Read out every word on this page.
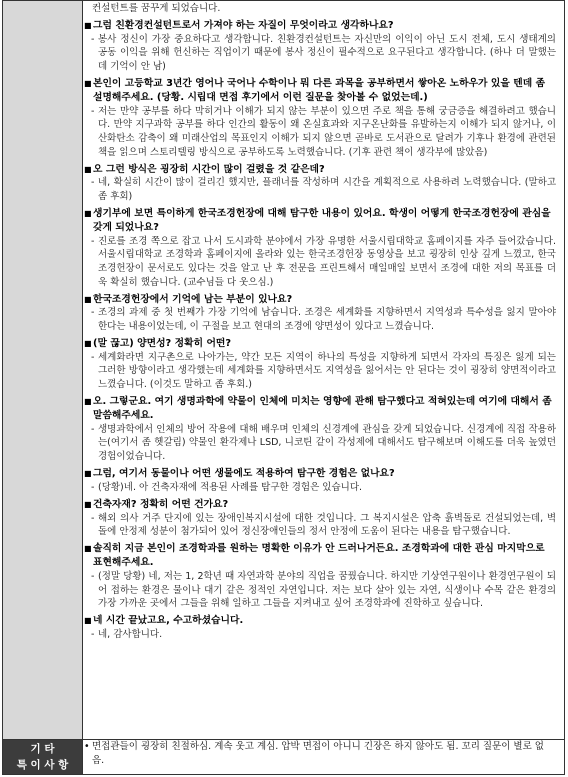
기 타
특 이 사 항
컨설턴트를 꿈꾸게 되었습니다.
■ 그럼 친환경컨설턴트로서 가져야 하는 자질이 무엇이라고 생각하나요?
- 봉사 정신이 가장 중요하다고 생각합니다. 친환경컨설턴트는 자신만의 이익이 아닌 도시 전체, 도시 생태계의 공동 이익을 위해 헌신하는 직업이기 때문에 봉사 정신이 필수적으로 요구된다고 생각합니다. (하나 더 말했는데 기억이 안 남)
■ 본인이 고등학교 3년간 영어나 국어나 수학이나 뭐 다른 과목을 공부하면서 쌓아온 노하우가 있을 텐데 좀 설명해주세요. (당황. 시립대 면접 후기에서 이런 질문을 찾아볼 수 없었는데.)
- 저는 만약 공부를 하다 막히거나 이해가 되지 않는 부분이 있으면 주로 책을 통해 궁금증을 해결하려고 했습니다. 만약 지구과학 공부를 하다 인간의 활동이 왜 온실효과와 지구온난화를 유발하는지 이해가 되지 않거나, 이산화탄소 감축이 왜 미래산업의 목표인지 이해가 되지 않으면 곧바로 도서관으로 달려가 기후나 환경에 관련된 책을 읽으며 스토리텔링 방식으로 공부하도록 노력했습니다. (기후 관련 책이 생각부에 많았음)
■ 오 그런 방식은 굉장히 시간이 많이 걸렸을 것 같은데?
- 네, 확실히 시간이 많이 걸리긴 했지만, 플래너를 작성하며 시간을 계획적으로 사용하려 노력했습니다. (말하고 좀 후회)
■ 생기부에 보면 특이하게 한국조경헌장에 대해 탐구한 내용이 있어요. 학생이 어떻게 한국조경헌장에 관심을 갖게 되었나요?
- 진로를 조경 쪽으로 잡고 나서 도시과학 분야에서 가장 유명한 서울시립대학교 홈페이지를 자주 들어갔습니다. 서울시립대학교 조경학과 홈페이지에 올라와 있는 한국조경헌장 동영상을 보고 굉장히 인상 깊게 느꼈고, 한국조경헌장이 문서로도 있다는 것을 알고 난 후 전문을 프린트해서 매일매일 보면서 조경에 대한 저의 목표를 더욱 확실히 했습니다. (교수님들 다 웃으심.)
■ 한국조경헌장에서 기억에 남는 부분이 있나요?
- 조경의 과제 중 첫 번째가 가장 기억에 남습니다. 조경은 세계화를 지향하면서 지역성과 특수성을 잃지 말아야 한다는 내용이었는데, 이 구절을 보고 현대의 조경에 양면성이 있다고 느꼈습니다.
■ (말 끊고) 양면성? 정확히 어떤?
- 세계화라면 지구촌으로 나아가는, 약간 모든 지역이 하나의 특성을 지향하게 되면서 각자의 특징은 잃게 되는 그러한 방향이라고 생각했는데 세계화를 지향하면서도 지역성을 잃어서는 안 된다는 것이 굉장히 양면적이라고 느꼈습니다. (이것도 말하고 좀 후회.)
■ 오. 그렇군요. 여기 생명과학에 약물이 인체에 미치는 영향에 관해 탐구했다고 적혀있는데 여기에 대해서 좀 말씀해주세요.
- 생명과학에서 인체의 방어 작용에 대해 배우며 인체의 신경계에 관심을 갖게 되었습니다. 신경계에 직접 작용하는(여기서 좀 헷갈림) 약물인 환각제나 LSD, 니코틴 같이 각성제에 대해서도 탐구해보며 이해도를 더욱 높였던 경험이었습니다.
■ 그럼, 여기서 동물이나 어떤 생물에도 적용하여 탐구한 경험은 없나요?
- (당황)네. 아 건축자재에 적용된 사례를 탐구한 경험은 있습니다.
■ 건축자재? 정확히 어떤 건가요?
- 해외 의사 거주 단지에 있는 장애인복지시설에 대한 것입니다. 그 복지시설은 압축 흙벽돌로 건설되었는데, 벽돌에 안정제 성분이 첨가되어 있어 정신장애인들의 정서 안정에 도움이 된다는 내용을 탐구했습니다.
■ 솔직히 지금 본인이 조경학과를 원하는 명확한 이유가 안 드러나거든요. 조경학과에 대한 관심 마지막으로 표현해주세요.
- (정말 당황) 네, 저는 1, 2학년 때 자연과학 분야의 직업을 꿈꿨습니다. 하지만 기상연구원이나 환경연구원이 되어 접하는 환경은 물이나 대기 같은 정적인 자연입니다. 저는 보다 살아 있는 자연, 식생이나 수목 같은 환경의 가장 가까운 곳에서 그들을 위해 일하고 그들을 지켜내고 싶어 조경학과에 진학하고 싶습니다.
■ 네 시간 끝났고요, 수고하셨습니다.
- 네, 감사합니다.
• 면접관들이 굉장히 친절하심. 계속 웃고 계심. 압박 면접이 아니니 긴장은 하지 않아도 됨. 꼬리 질문이 별로 없음.
